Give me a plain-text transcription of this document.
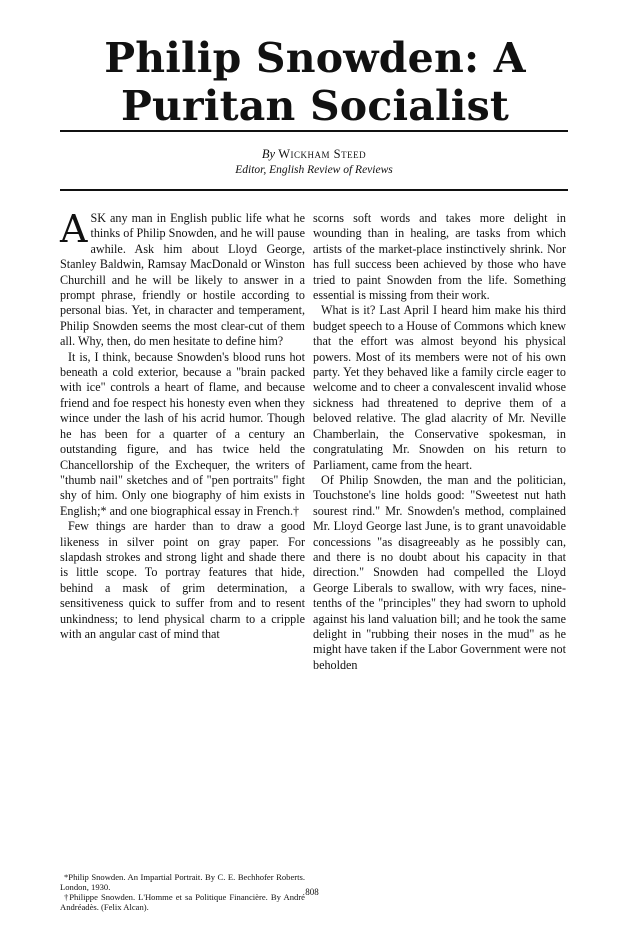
Philip Snowden: A Puritan Socialist
By Wickham Steed
Editor, English Review of Reviews

ASK any man in English public life what he thinks of Philip Snowden, and he will pause awhile. Ask him about Lloyd George, Stanley Baldwin, Ramsay MacDonald or Winston Churchill and he will be likely to answer in a prompt phrase, friendly or hostile according to personal bias. Yet, in character and temperament, Philip Snowden seems the most clear-cut of them all. Why, then, do men hesitate to define him?

It is, I think, because Snowden's blood runs hot beneath a cold exterior, because a "brain packed with ice" controls a heart of flame, and because friend and foe respect his honesty even when they wince under the lash of his acrid humor. Though he has been for a quarter of a century an outstanding figure, and has twice held the Chancellorship of the Exchequer, the writers of "thumb nail" sketches and of "pen portraits" fight shy of him. Only one biography of him exists in English;* and one biographical essay in French.†

Few things are harder than to draw a good likeness in silver point on gray paper. For slapdash strokes and strong light and shade there is little scope. To portray features that hide, behind a mask of grim determination, a sensitiveness quick to suffer from and to resent unkindness; to lend physical charm to a cripple with an angular cast of mind that

scorns soft words and takes more delight in wounding than in healing, are tasks from which artists of the market-place instinctively shrink. Nor has full success been achieved by those who have tried to paint Snowden from the life. Something essential is missing from their work.

What is it? Last April I heard him make his third budget speech to a House of Commons which knew that the effort was almost beyond his physical powers. Most of its members were not of his own party. Yet they behaved like a family circle eager to welcome and to cheer a convalescent invalid whose sickness had threatened to deprive them of a beloved relative. The glad alacrity of Mr. Neville Chamberlain, the Conservative spokesman, in congratulating Mr. Snowden on his return to Parliament, came from the heart.

Of Philip Snowden, the man and the politician, Touchstone's line holds good: "Sweetest nut hath sourest rind." Mr. Snowden's method, complained Mr. Lloyd George last June, is to grant unavoidable concessions "as disagreeably as he possibly can, and there is no doubt about his capacity in that direction." Snowden had compelled the Lloyd George Liberals to swallow, with wry faces, nine-tenths of the "principles" they had sworn to uphold against his land valuation bill; and he took the same delight in "rubbing their noses in the mud" as he might have taken if the Labor Government were not beholden

*Philip Snowden. An Impartial Portrait. By C. E. Bechhofer Roberts. London, 1930.

†Philippe Snowden. L'Homme et sa Politique Financière. By André Andréadès. (Felix Alcan).

808
